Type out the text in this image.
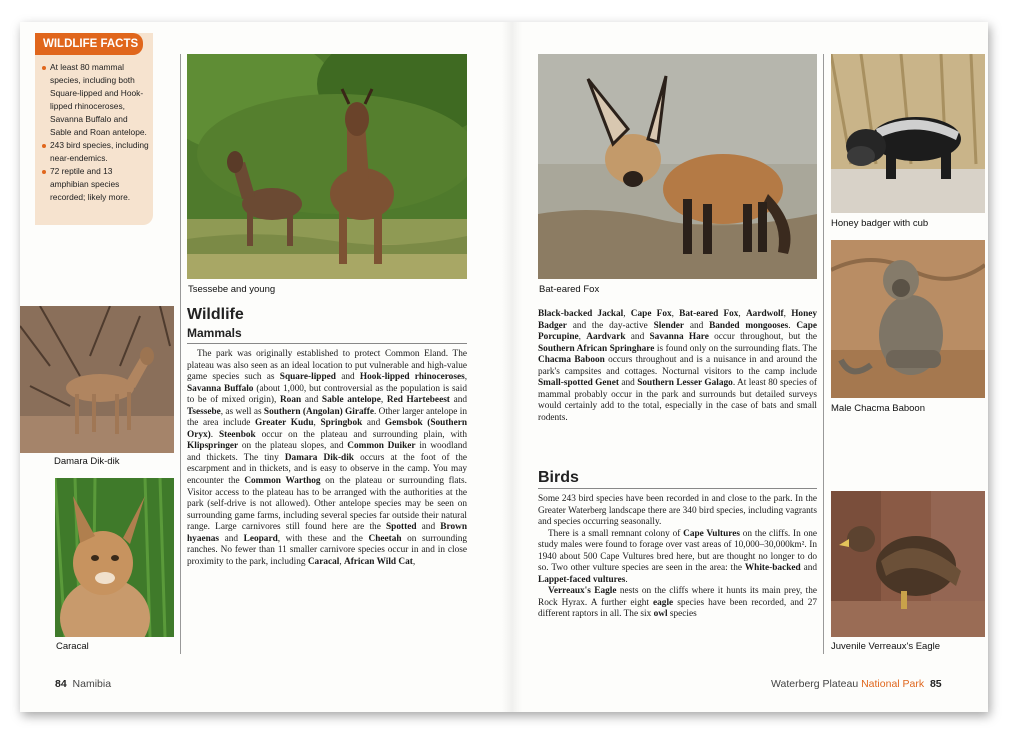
WILDLIFE FACTS
At least 80 mammal species, including both Square-lipped and Hook-lipped rhinoceroses, Savanna Buffalo and Sable and Roan antelope.
243 bird species, including near-endemics.
72 reptile and 13 amphibian species recorded; likely more.
Tsessebe and young
Damara Dik-dik
Caracal
Wildlife
Mammals

The park was originally established to protect Common Eland. The plateau was also seen as an ideal location to put vulnerable and high-value game species such as Square-lipped and Hook-lipped rhinoceroses, Savanna Buffalo (about 1,000, but controversial as the population is said to be of mixed origin), Roan and Sable antelope, Red Hartebeest and Tsessebe, as well as Southern (Angolan) Giraffe. Other larger antelope in the area include Greater Kudu, Springbok and Gemsbok (Southern Oryx). Steenbok occur on the plateau and surrounding plain, with Klipspringer on the plateau slopes, and Common Duiker in woodland and thickets. The tiny Damara Dik-dik occurs at the foot of the escarpment and in thickets, and is easy to observe in the camp. You may encounter the Common Warthog on the plateau or surrounding flats. Visitor access to the plateau has to be arranged with the authorities at the park (self-drive is not allowed). Other antelope species may be seen on surrounding game farms, including several species far outside their natural range. Large carnivores still found here are the Spotted and Brown hyaenas and Leopard, with these and the Cheetah on surrounding ranches. No fewer than 11 smaller carnivore species occur in and in close proximity to the park, including Caracal, African Wild Cat,

84 Namibia
Bat-eared Fox
Honey badger with cub
Male Chacma Baboon
Juvenile Verreaux's Eagle

Black-backed Jackal, Cape Fox, Bat-eared Fox, Aardwolf, Honey Badger and the day-active Slender and Banded mongooses. Cape Porcupine, Aardvark and Savanna Hare occur throughout, but the Southern African Springhare is found only on the surrounding flats. The Chacma Baboon occurs throughout and is a nuisance in and around the park's campsites and cottages. Nocturnal visitors to the camp include Small-spotted Genet and Southern Lesser Galago. At least 80 species of mammal probably occur in the park and surrounds but detailed surveys would certainly add to the total, especially in the case of bats and small rodents.

Birds

Some 243 bird species have been recorded in and close to the park. In the Greater Waterberg landscape there are 340 bird species, including vagrants and species occurring seasonally.

There is a small remnant colony of Cape Vultures on the cliffs. In one study males were found to forage over vast areas of 10,000–30,000km². In 1940 about 500 Cape Vultures bred here, but are thought no longer to do so. Two other vulture species are seen in the area: the White-backed and Lappet-faced vultures.

Verreaux's Eagle nests on the cliffs where it hunts its main prey, the Rock Hyrax. A further eight eagle species have been recorded, and 27 different raptors in all. The six owl species

Waterberg Plateau National Park 85
